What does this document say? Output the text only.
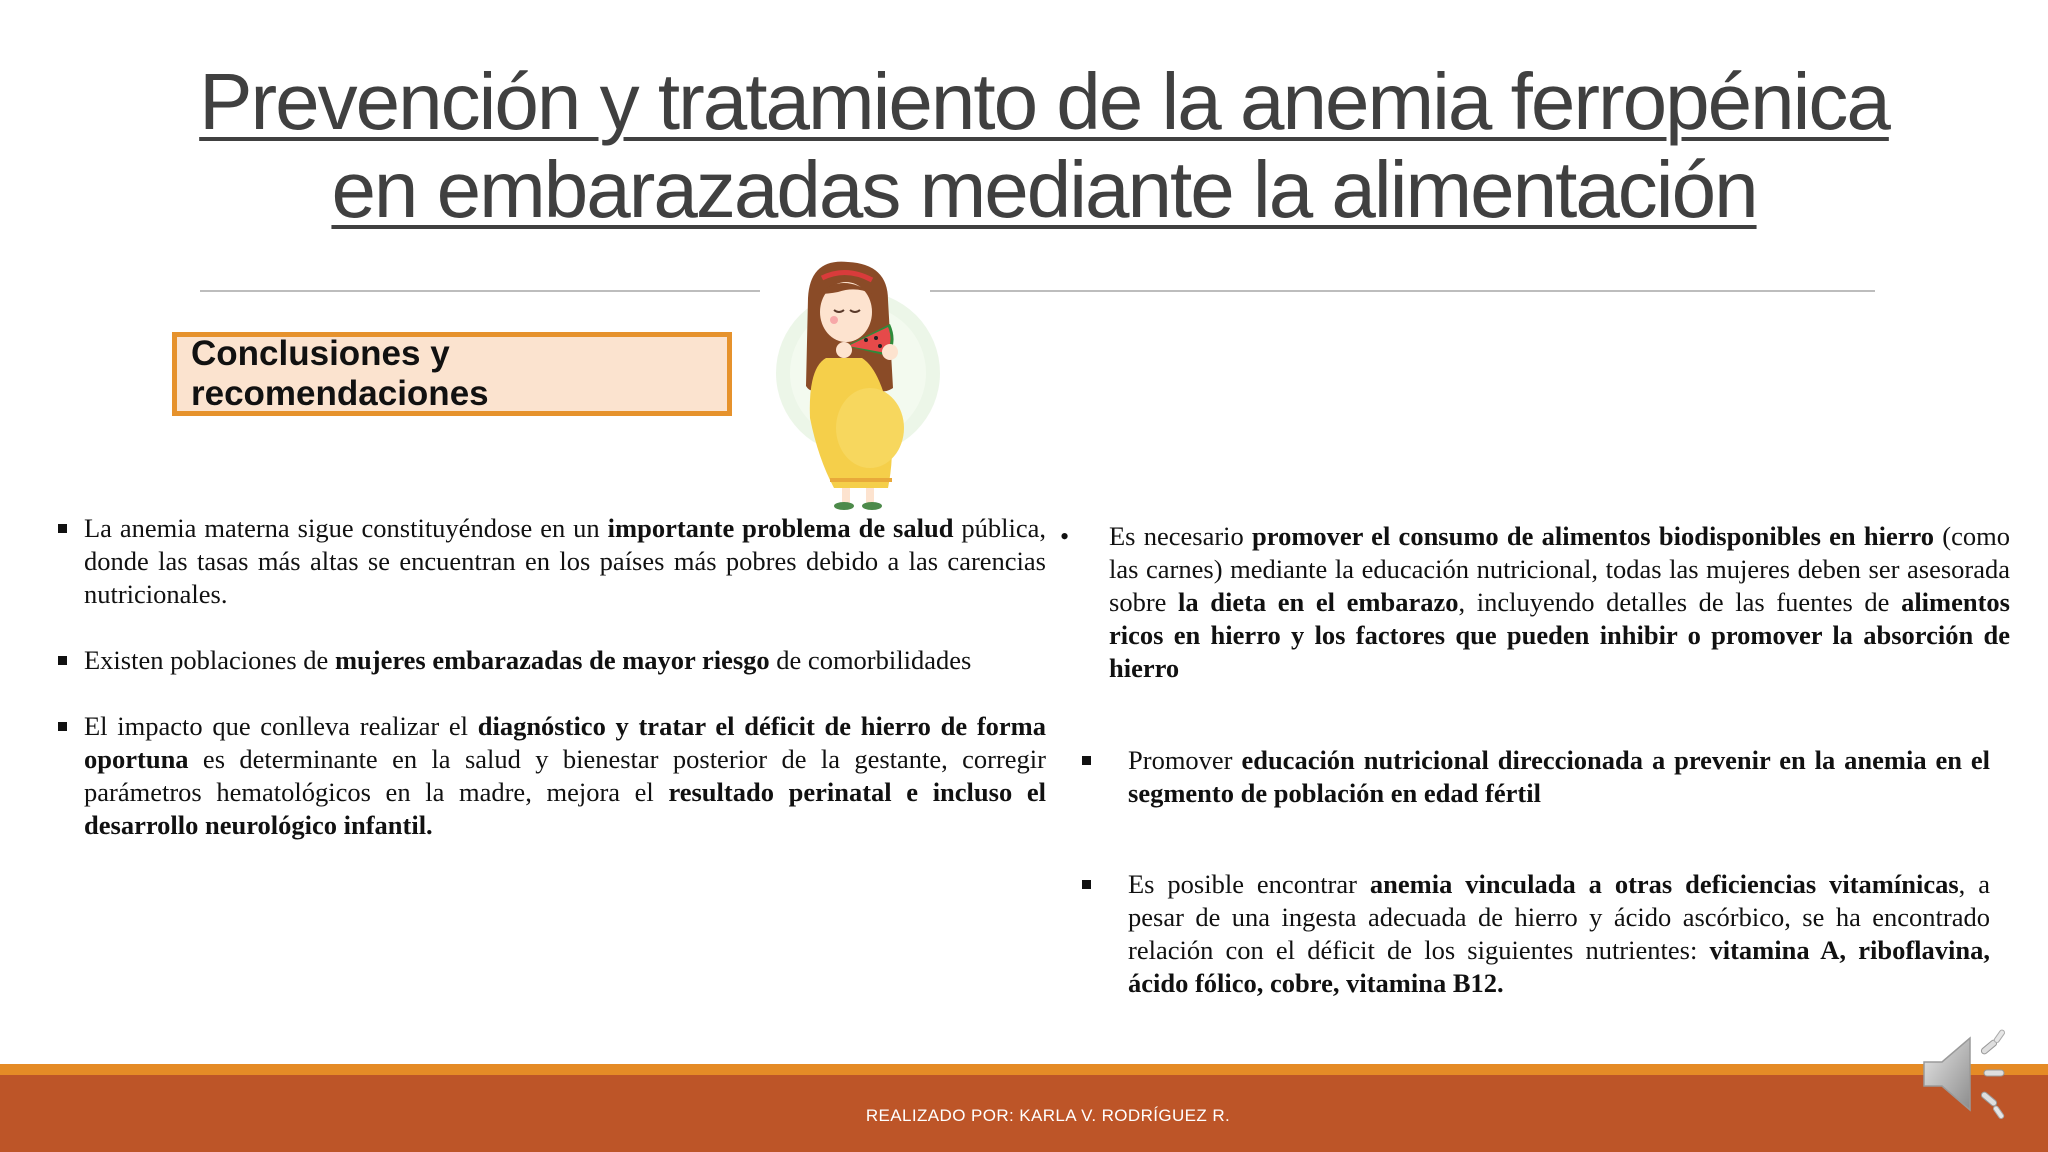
Prevención y tratamiento de la anemia ferropénica
en embarazadas mediante la alimentación
Conclusiones y recomendaciones
La anemia materna sigue constituyéndose en un importante problema de salud pública, donde las tasas más altas se encuentran en los países más pobres debido a las carencias nutricionales.
Existen poblaciones de mujeres embarazadas de mayor riesgo de comorbilidades
El impacto que conlleva realizar el diagnóstico y tratar el déficit de hierro de forma oportuna es determinante en la salud y bienestar posterior de la gestante, corregir parámetros hematológicos en la madre, mejora el resultado perinatal e incluso el desarrollo neurológico infantil.
• Es necesario promover el consumo de alimentos biodisponibles en hierro (como las carnes) mediante la educación nutricional, todas las mujeres deben ser asesorada sobre la dieta en el embarazo, incluyendo detalles de las fuentes de alimentos ricos en hierro y los factores que pueden inhibir o promover la absorción de hierro
Promover educación nutricional direccionada a prevenir en la anemia en el segmento de población en edad fértil
Es posible encontrar anemia vinculada a otras deficiencias vitamínicas, a pesar de una ingesta adecuada de hierro y ácido ascórbico, se ha encontrado relación con el déficit de los siguientes nutrientes: vitamina A, riboflavina, ácido fólico, cobre, vitamina B12.
REALIZADO POR: KARLA V. RODRÍGUEZ R.
